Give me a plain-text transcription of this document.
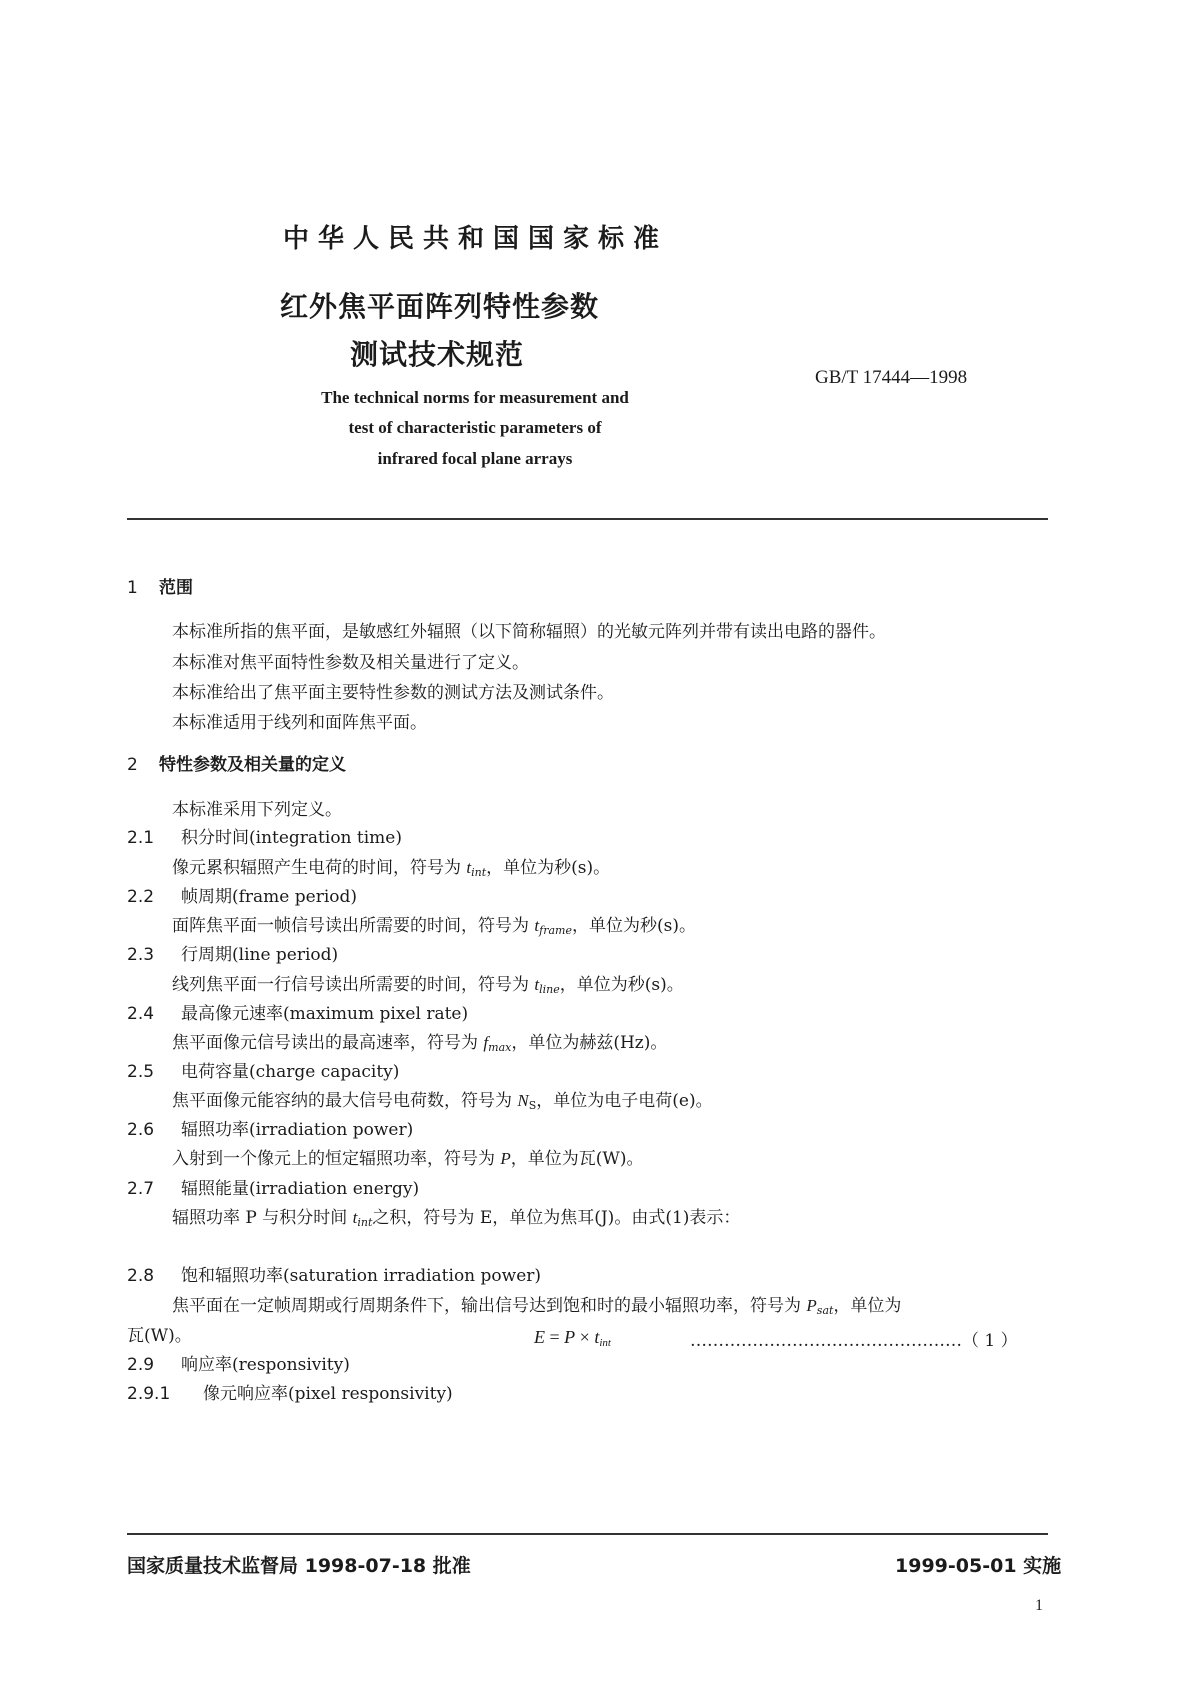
中华人民共和国国家标准
红外焦平面阵列特性参数
测试技术规范
GB/T 17444—1998
The technical norms for measurement and
test of characteristic parameters of
infrared focal plane arrays
1 范围
本标准所指的焦平面，是敏感红外辐照（以下简称辐照）的光敏元阵列并带有读出电路的器件。
本标准对焦平面特性参数及相关量进行了定义。
本标准给出了焦平面主要特性参数的测试方法及测试条件。
本标准适用于线列和面阵焦平面。
2 特性参数及相关量的定义
本标准采用下列定义。
2.1 积分时间(integration time)
像元累积辐照产生电荷的时间，符号为 $t_{int}$，单位为秒(s)。
2.2 帧周期(frame period)
面阵焦平面一帧信号读出所需要的时间，符号为 $t_{frame}$，单位为秒(s)。
2.3 行周期(line period)
线列焦平面一行信号读出所需要的时间，符号为 $t_{line}$，单位为秒(s)。
2.4 最高像元速率(maximum pixel rate)
焦平面像元信号读出的最高速率，符号为 $f_{max}$，单位为赫兹(Hz)。
2.5 电荷容量(charge capacity)
焦平面像元能容纳的最大信号电荷数，符号为 $N_S$，单位为电子电荷(e)。
2.6 辐照功率(irradiation power)
入射到一个像元上的恒定辐照功率，符号为 P，单位为瓦(W)。
2.7 辐照能量(irradiation energy)
辐照功率 P 与积分时间 $t_{int}$之积，符号为 E，单位为焦耳(J)。由式(1)表示：
$E = P \times t_{int}$	…………………………………………（ 1 ）
2.8 饱和辐照功率(saturation irradiation power)
焦平面在一定帧周期或行周期条件下，输出信号达到饱和时的最小辐照功率，符号为 $P_{sat}$，单位为
瓦(W)。
2.9 响应率(responsivity)
2.9.1 像元响应率(pixel responsivity)
国家质量技术监督局 1998-07-18 批准	1999-05-01 实施
1
